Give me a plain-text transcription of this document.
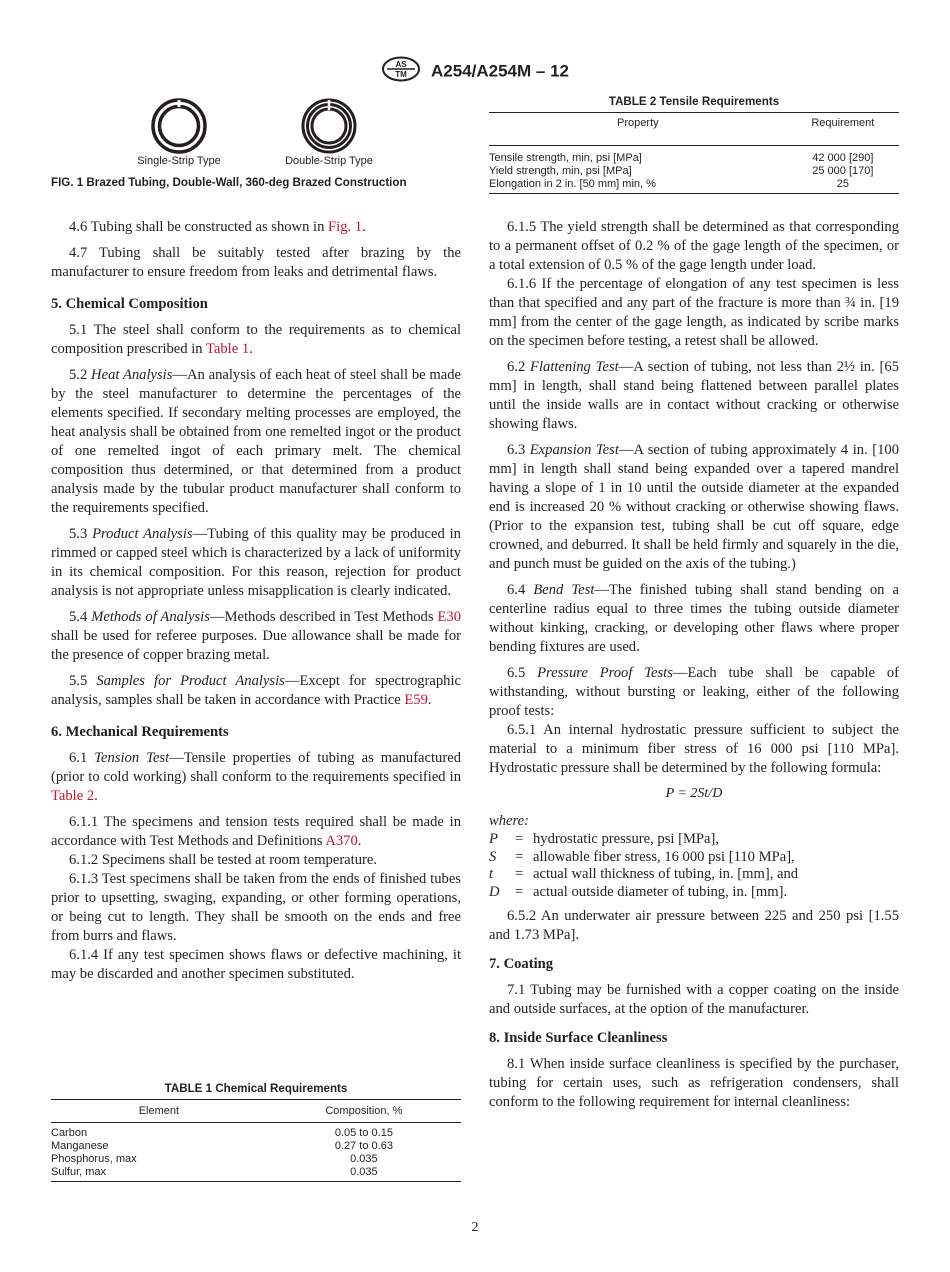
AS
TM A254/A254M – 12
Single-Strip Type	Double-Strip Type
FIG. 1 Brazed Tubing, Double-Wall, 360-deg Brazed Construction
TABLE 2 Tensile Requirements
Property	Requirement

Tensile strength, min, psi [MPa]	42 000 [290]
Yield strength, min, psi [MPa]	25 000 [170]
Elongation in 2 in. [50 mm] min, %	25

4.6 Tubing shall be constructed as shown in Fig. 1.

4.7 Tubing shall be suitably tested after brazing by the manufacturer to ensure freedom from leaks and detrimental flaws.

5. Chemical Composition

5.1 The steel shall conform to the requirements as to chemical composition prescribed in Table 1.

5.2 Heat Analysis—An analysis of each heat of steel shall be made by the steel manufacturer to determine the percentages of the elements specified. If secondary melting processes are employed, the heat analysis shall be obtained from one remelted ingot or the product of one remelted ingot of each primary melt. The chemical composition thus determined, or that determined from a product analysis made by the tubular product manufacturer shall conform to the requirements specified.

5.3 Product Analysis—Tubing of this quality may be produced in rimmed or capped steel which is characterized by a lack of uniformity in its chemical composition. For this reason, rejection for product analysis is not appropriate unless misapplication is clearly indicated.

5.4 Methods of Analysis—Methods described in Test Methods E30 shall be used for referee purposes. Due allowance shall be made for the presence of copper brazing metal.

5.5 Samples for Product Analysis—Except for spectrographic analysis, samples shall be taken in accordance with Practice E59.

6. Mechanical Requirements

6.1 Tension Test—Tensile properties of tubing as manufactured (prior to cold working) shall conform to the requirements specified in Table 2.

6.1.1 The specimens and tension tests required shall be made in accordance with Test Methods and Definitions A370.

6.1.2 Specimens shall be tested at room temperature.

6.1.3 Test specimens shall be taken from the ends of finished tubes prior to upsetting, swaging, expanding, or other forming operations, or being cut to length. They shall be smooth on the ends and free from burrs and flaws.

6.1.4 If any test specimen shows flaws or defective machining, it may be discarded and another specimen substituted.

TABLE 1 Chemical Requirements
Element	Composition, %

Carbon	0.05 to 0.15
Manganese	0.27 to 0.63
Phosphorus, max	0.035
Sulfur, max	0.035

6.1.5 The yield strength shall be determined as that corresponding to a permanent offset of 0.2 % of the gage length of the specimen, or a total extension of 0.5 % of the gage length under load.

6.1.6 If the percentage of elongation of any test specimen is less than that specified and any part of the fracture is more than ¾ in. [19 mm] from the center of the gage length, as indicated by scribe marks on the specimen before testing, a retest shall be allowed.

6.2 Flattening Test—A section of tubing, not less than 2½ in. [65 mm] in length, shall stand being flattened between parallel plates until the inside walls are in contact without cracking or otherwise showing flaws.

6.3 Expansion Test—A section of tubing approximately 4 in. [100 mm] in length shall stand being expanded over a tapered mandrel having a slope of 1 in 10 until the outside diameter at the expanded end is increased 20 % without cracking or otherwise showing flaws. (Prior to the expansion test, tubing shall be cut off square, edge crowned, and deburred. It shall be held firmly and squarely in the die, and punch must be guided on the axis of the tubing.)

6.4 Bend Test—The finished tubing shall stand bending on a centerline radius equal to three times the tubing outside diameter without kinking, cracking, or developing other flaws where proper bending fixtures are used.

6.5 Pressure Proof Tests—Each tube shall be capable of withstanding, without bursting or leaking, either of the following proof tests:

6.5.1 An internal hydrostatic pressure sufficient to subject the material to a minimum fiber stress of 16 000 psi [110 MPa]. Hydrostatic pressure shall be determined by the following formula:

P = 2St/D
where:
P = hydrostatic pressure, psi [MPa],
S = allowable fiber stress, 16 000 psi [110 MPa],
t = actual wall thickness of tubing, in. [mm], and
D = actual outside diameter of tubing, in. [mm].

6.5.2 An underwater air pressure between 225 and 250 psi [1.55 and 1.73 MPa].

7. Coating

7.1 Tubing may be furnished with a copper coating on the inside and outside surfaces, at the option of the manufacturer.

8. Inside Surface Cleanliness

8.1 When inside surface cleanliness is specified by the purchaser, tubing for certain uses, such as refrigeration condensers, shall conform to the following requirement for internal cleanliness:

2
